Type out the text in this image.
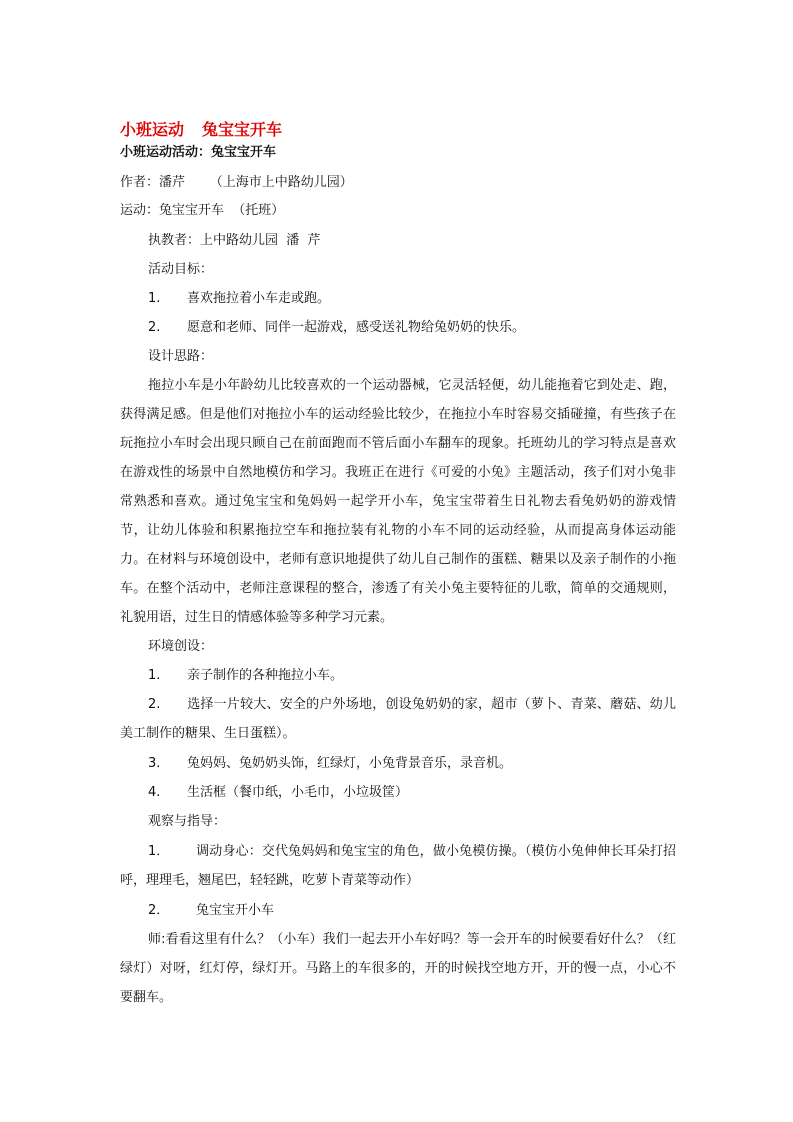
小班运动 兔宝宝开车
小班运动活动：兔宝宝开车
作者：潘芹      （上海市上中路幼儿园）
运动：兔宝宝开车  （托班）
执教者：上中路幼儿园  潘  芹
活动目标：
1. 喜欢拖拉着小车走或跑。
2. 愿意和老师、同伴一起游戏，感受送礼物给兔奶奶的快乐。
设计思路：
拖拉小车是小年龄幼儿比较喜欢的一个运动器械，它灵活轻便，幼儿能拖着它到处走、跑，获得满足感。但是他们对拖拉小车的运动经验比较少，在拖拉小车时容易交插碰撞，有些孩子在玩拖拉小车时会出现只顾自己在前面跑而不管后面小车翻车的现象。托班幼儿的学习特点是喜欢在游戏性的场景中自然地模仿和学习。我班正在进行《可爱的小兔》主题活动，孩子们对小兔非常熟悉和喜欢。通过兔宝宝和兔妈妈一起学开小车，兔宝宝带着生日礼物去看兔奶奶的游戏情节，让幼儿体验和积累拖拉空车和拖拉装有礼物的小车不同的运动经验，从而提高身体运动能力。在材料与环境创设中，老师有意识地提供了幼儿自己制作的蛋糕、糖果以及亲子制作的小拖车。在整个活动中，老师注意课程的整合，渗透了有关小兔主要特征的儿歌，简单的交通规则，礼貌用语，过生日的情感体验等多种学习元素。
环境创设：
1. 亲子制作的各种拖拉小车。
2. 选择一片较大、安全的户外场地，创设兔奶奶的家，超市（萝卜、青菜、蘑菇、幼儿美工制作的糖果、生日蛋糕）。
3. 兔妈妈、兔奶奶头饰，红绿灯，小兔背景音乐，录音机。
4. 生活框（餐巾纸，小毛巾，小垃圾筐）
观察与指导：
1． 调动身心：交代兔妈妈和兔宝宝的角色，做小兔模仿操。（模仿小兔伸伸长耳朵打招呼，理理毛，翘尾巴，轻轻跳，吃萝卜青菜等动作）
2． 兔宝宝开小车
师:看看这里有什么？（小车）我们一起去开小车好吗？等一会开车的时候要看好什么？（红绿灯）对呀，红灯停，绿灯开。马路上的车很多的，开的时候找空地方开，开的慢一点，小心不要翻车。
